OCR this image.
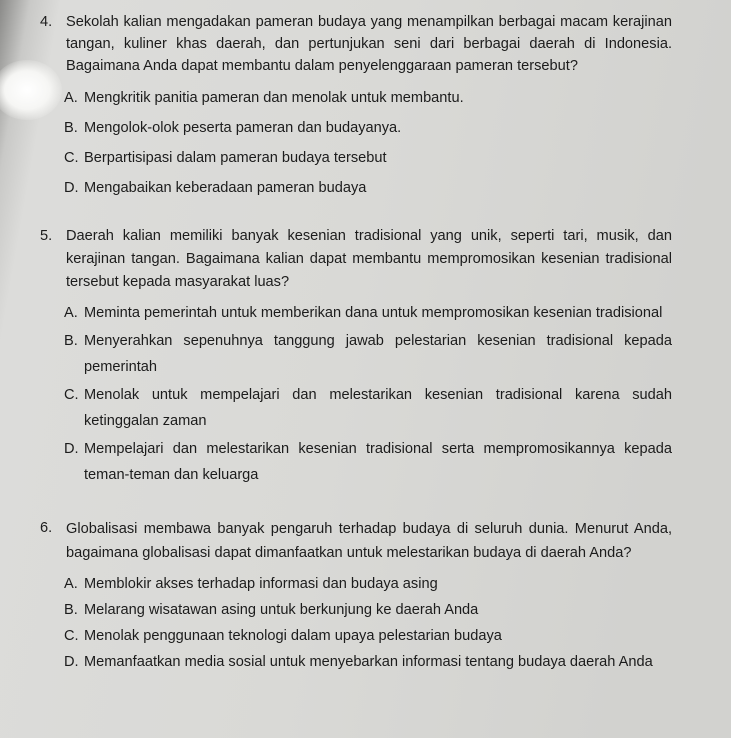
4. Sekolah kalian mengadakan pameran budaya yang menampilkan berbagai macam kerajinan tangan, kuliner khas daerah, dan pertunjukan seni dari berbagai daerah di Indonesia. Bagaimana Anda dapat membantu dalam penyelenggaraan pameran tersebut?
A. Mengkritik panitia pameran dan menolak untuk membantu.
B. Mengolok-olok peserta pameran dan budayanya.
C. Berpartisipasi dalam pameran budaya tersebut
D. Mengabaikan keberadaan pameran budaya
5. Daerah kalian memiliki banyak kesenian tradisional yang unik, seperti tari, musik, dan kerajinan tangan. Bagaimana kalian dapat membantu mempromosikan kesenian tradisional tersebut kepada masyarakat luas?
A. Meminta pemerintah untuk memberikan dana untuk mempromosikan kesenian tradisional
B. Menyerahkan sepenuhnya tanggung jawab pelestarian kesenian tradisional kepada pemerintah
C. Menolak untuk mempelajari dan melestarikan kesenian tradisional karena sudah ketinggalan zaman
D. Mempelajari dan melestarikan kesenian tradisional serta mempromosikannya kepada teman-teman dan keluarga
6. Globalisasi membawa banyak pengaruh terhadap budaya di seluruh dunia. Menurut Anda, bagaimana globalisasi dapat dimanfaatkan untuk melestarikan budaya di daerah Anda?
A. Memblokir akses terhadap informasi dan budaya asing
B. Melarang wisatawan asing untuk berkunjung ke daerah Anda
C. Menolak penggunaan teknologi dalam upaya pelestarian budaya
D. Memanfaatkan media sosial untuk menyebarkan informasi tentang budaya daerah Anda
